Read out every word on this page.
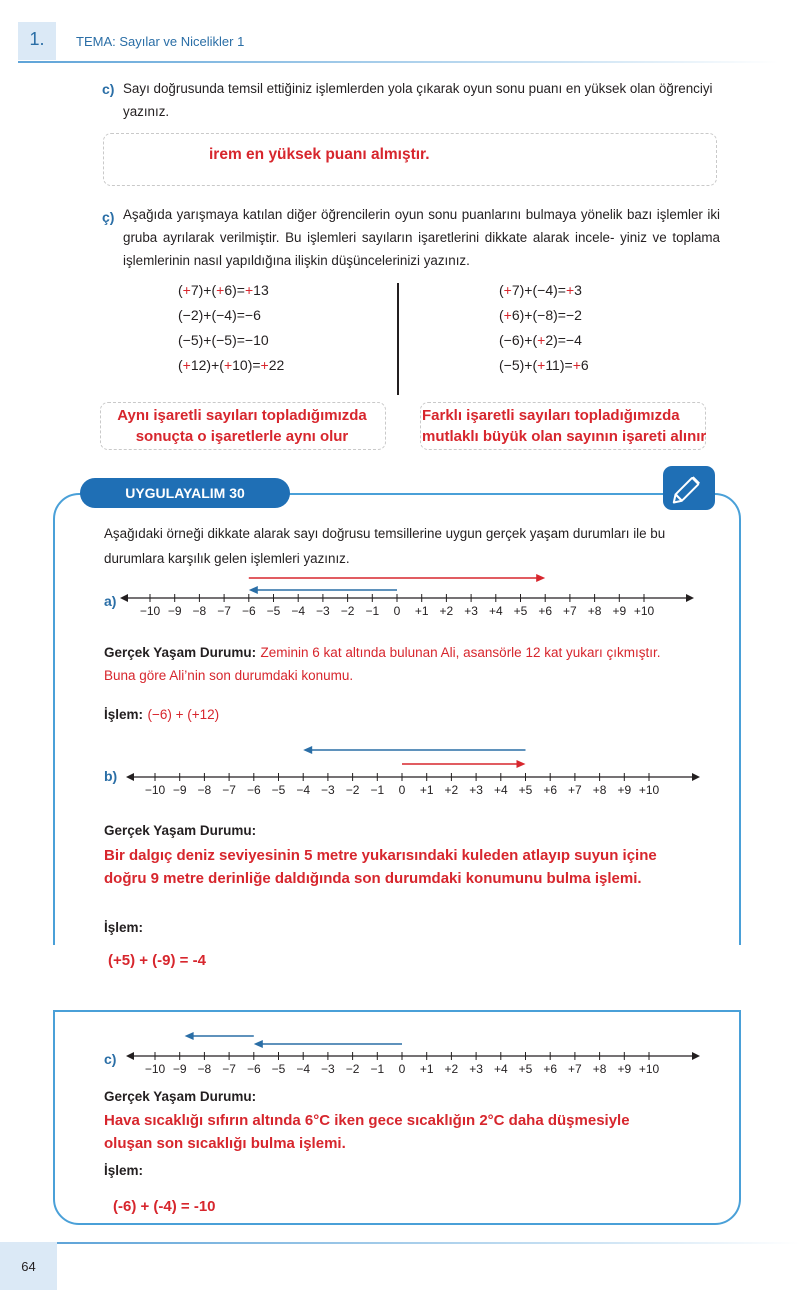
1.	TEMA: Sayılar ve Nicelikler 1
c) Sayı doğrusunda temsil ettiğiniz işlemlerden yola çıkarak oyun sonu puanı en yüksek olan öğrenciyi yazınız.
irem en yüksek puanı almıştır.
ç) Aşağıda yarışmaya katılan diğer öğrencilerin oyun sonu puanlarını bulmaya yönelik bazı işlemler iki gruba ayrılarak verilmiştir. Bu işlemleri sayıların işaretlerini dikkate alarak incele- yiniz ve toplama işlemlerinin nasıl yapıldığına ilişkin düşüncelerinizi yazınız.
(+7)+(+6)=+13
(−2)+(−4)=−6
(−5)+(−5)=−10
(+12)+(+10)=+22
(+7)+(−4)=+3
(+6)+(−8)=−2
(−6)+(+2)=−4
(−5)+(+11)=+6
Aynı işaretli sayıları topladığımızda
sonuçta o işaretlerle aynı olur
Farklı işaretli sayıları topladığımızda
mutlaklı büyük olan sayının işareti alınır
UYGULAYALIM 30
Aşağıdaki örneği dikkate alarak sayı doğrusu temsillerine uygun gerçek yaşam durumları ile bu durumlara karşılık gelen işlemleri yazınız.
a)
−10 −9 −8 −7 −6 −5 −4 −3 −2 −1 0 +1 +2 +3 +4 +5 +6 +7 +8 +9 +10
Gerçek Yaşam Durumu: Zeminin 6 kat altında bulunan Ali, asansörle 12 kat yukarı çıkmıştır.
Buna göre Ali’nin son durumdaki konumu.
İşlem: (−6) + (+12)
b)
−10 −9 −8 −7 −6 −5 −4 −3 −2 −1 0 +1 +2 +3 +4 +5 +6 +7 +8 +9 +10
Gerçek Yaşam Durumu:
Bir dalgıç deniz seviyesinin 5 metre yukarısındaki kuleden atlayıp suyun içine
doğru 9 metre derinliğe daldığında son durumdaki konumunu bulma işlemi.
İşlem:
(+5) + (-9) = -4
c)
−10 −9 −8 −7 −6 −5 −4 −3 −2 −1 0 +1 +2 +3 +4 +5 +6 +7 +8 +9 +10
Gerçek Yaşam Durumu:
Hava sıcaklığı sıfırın altında 6°C iken gece sıcaklığın 2°C daha düşmesiyle
oluşan son sıcaklığı bulma işlemi.
İşlem:
(-6) + (-4) = -10
64
